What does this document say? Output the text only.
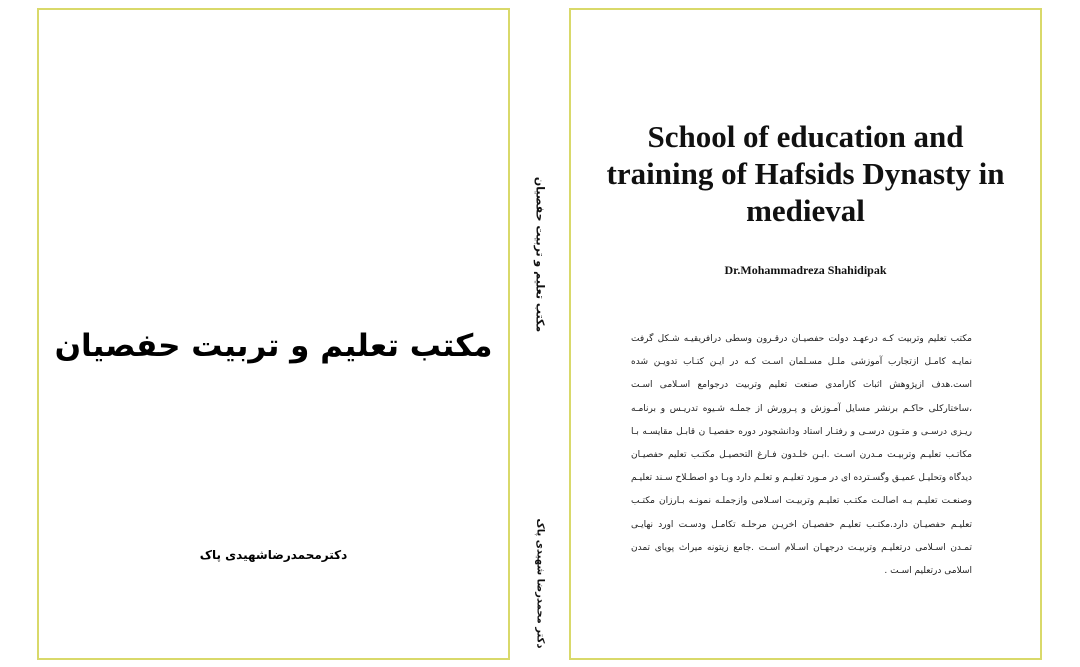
مکتب تعلیم و تربیت حفصیان
دکترمحمدرضاشهیدی پاک
مکتب تعلیم و تربیت حفصیان
دکتر محمدرضا شهیدی پاک
School of education and training of Hafsids Dynasty in medieval
Dr.Mohammadreza Shahidipak
مکتب تعلیم وتربیت کـه درعهـد دولت حفصیـان درقـرون وسطی درافریقیـه شـکل گرفت نمایـه کامـل ازتجارب آموزشی ملـل مسـلمان اسـت کـه در ایـن کتـاب تدویـن شده است.هدف ازپژوهش اثبات کارامدی صنعت تعلیم وتربیت درجوامع اسـلامی اسـت ،ساختارکلی حاکـم برنشر مسایل آمـوزش و پـرورش از جملـه شـیوه تدریـس و برنامـه ریـزی درسـی و متـون درسـی و رفتـار استاد ودانشجودر دوره حفصیـا ن قابـل مقایسـه بـا مکاتـب تعلیـم وتربیـت مـدرن اسـت .ابـن خلـدون فـارغ التحصیـل مکتـب تعلیم حفصیـان دیدگاه وتحلیـل عمیـق وگسـترده ای در مـورد تعلیـم و تعلـم دارد وبـا دو اصطـلاح سـند تعلیـم وصنعـت تعلیـم بـه اصالـت مکتـب تعلیـم وتربیـت اسـلامی وازجملـه نمونـه بـارزان مکتـب تعلیـم حفصیـان دارد.مکتـب تعلیـم حفصیـان اخریـن مرحلـه تکامـل ودسـت اورد نهایـی تمـدن اسـلامی درتعلیـم وتربیـت درجهـان اسـلام اسـت .جامع زیتونه میراث پویای تمدن اسلامی درتعلیم اسـت .
